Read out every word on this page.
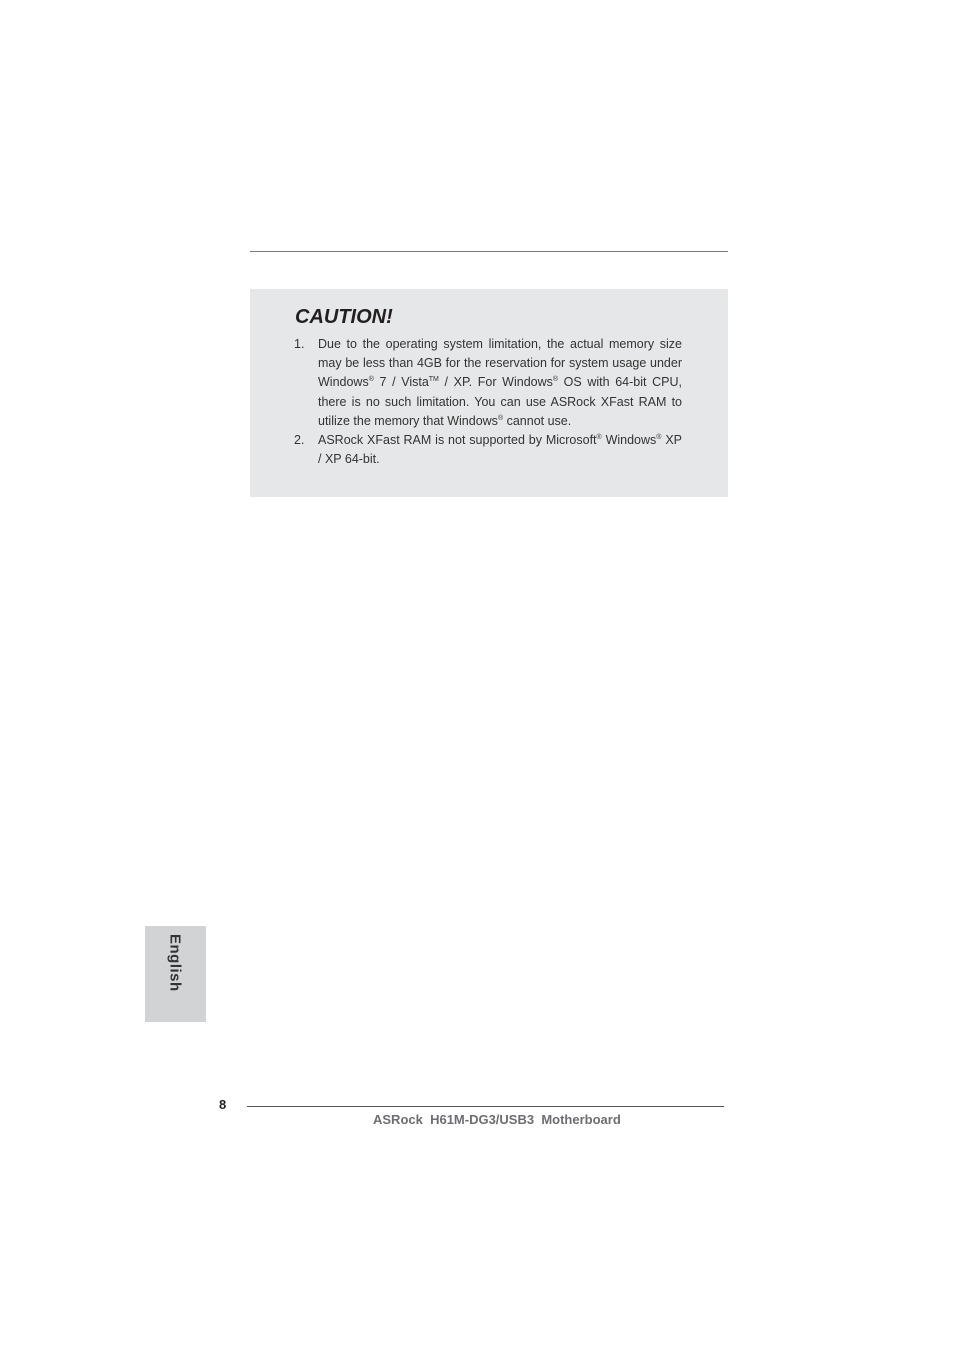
CAUTION!
1. Due to the operating system limitation, the actual memory size may be less than 4GB for the reservation for system usage under Windows® 7 / Vista™ / XP. For Windows® OS with 64-bit CPU, there is no such limitation. You can use ASRock XFast RAM to utilize the memory that Windows® cannot use.
2. ASRock XFast RAM is not supported by Microsoft® Windows® XP / XP 64-bit.
English
8
ASRock  H61M-DG3/USB3  Motherboard
